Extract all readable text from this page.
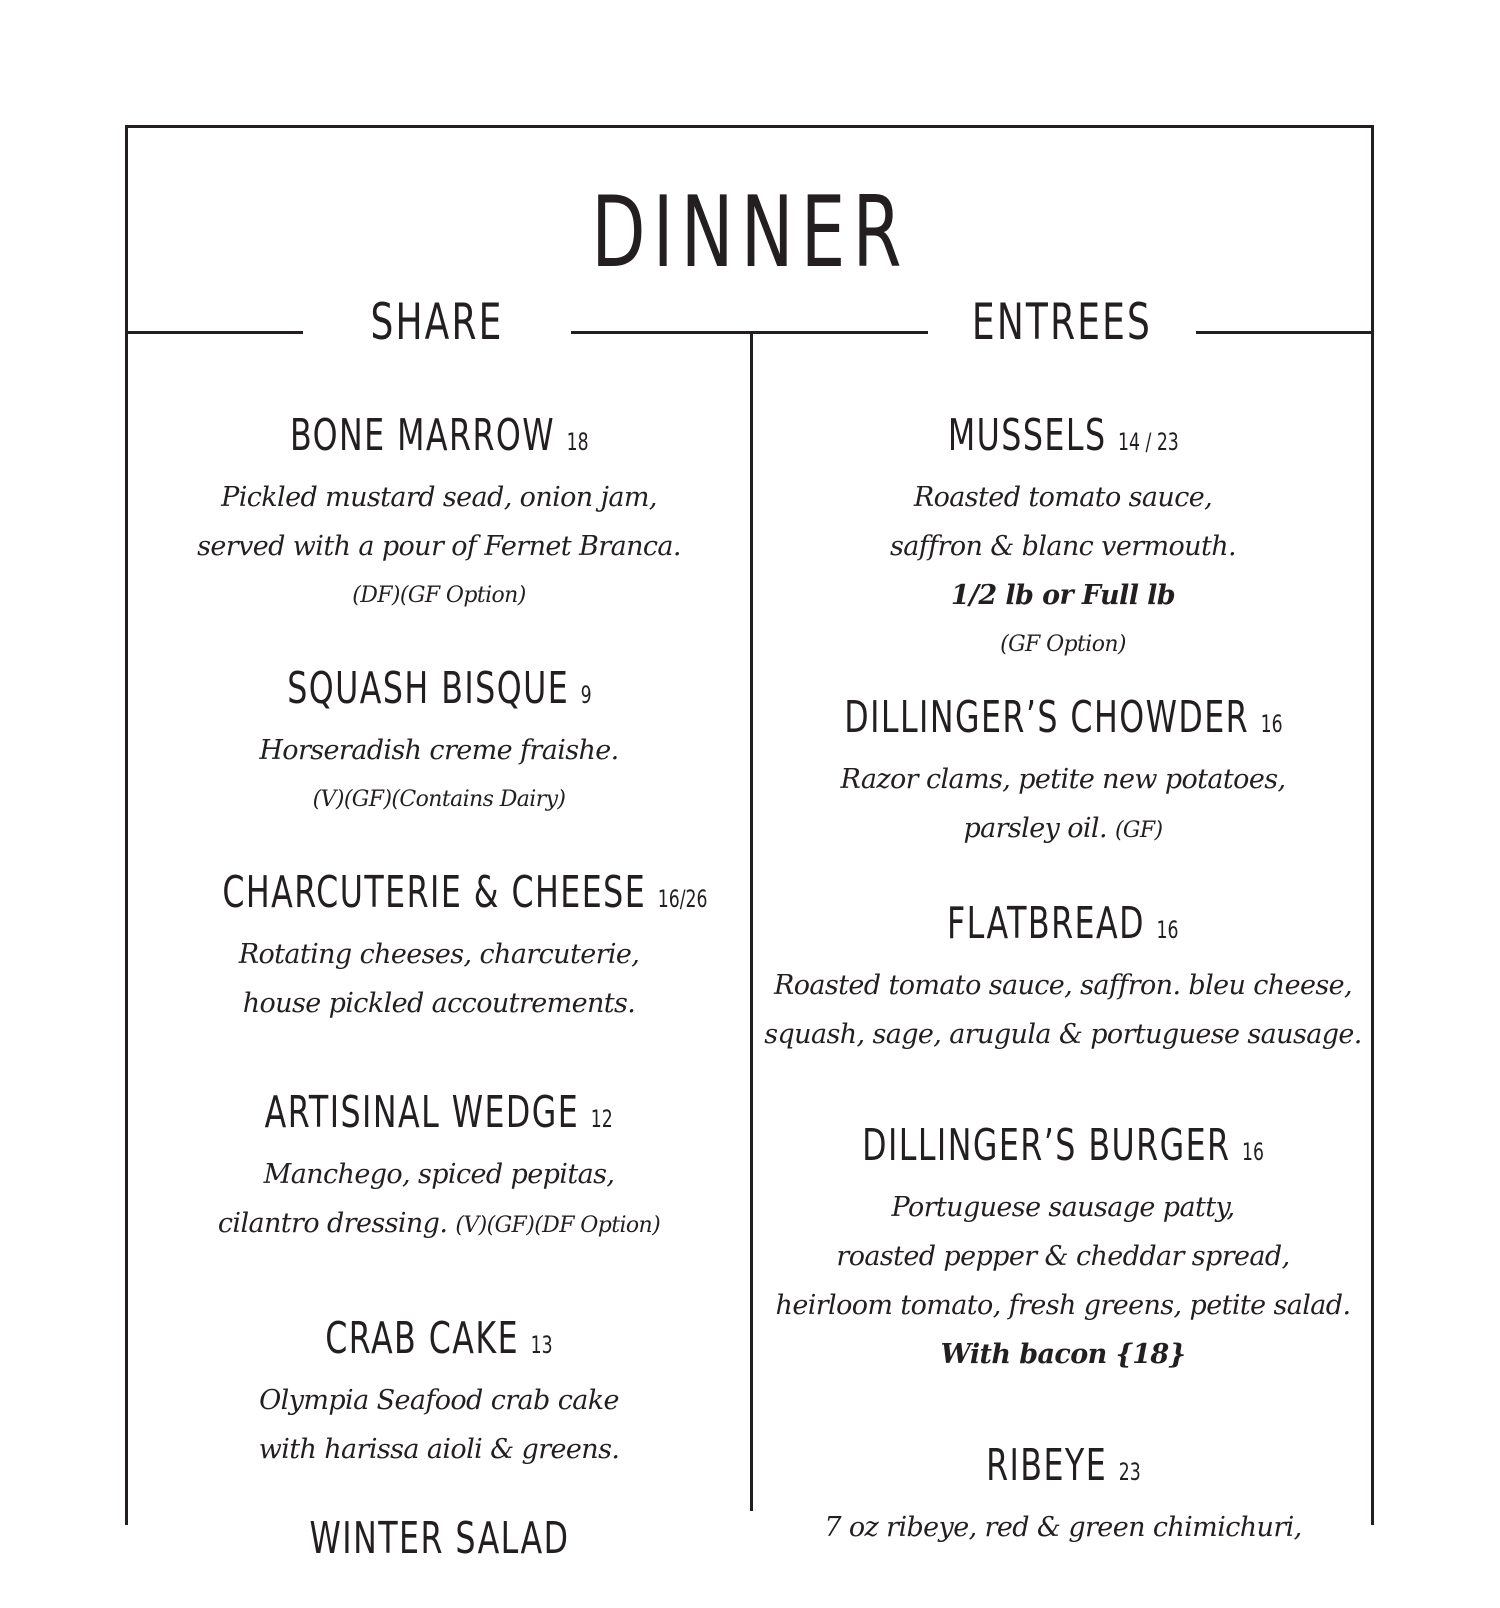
DINNER
SHARE	ENTREES
BONE MARROW 18
Pickled mustard sead, onion jam,
served with a pour of Fernet Branca.
(DF)(GF Option)
SQUASH BISQUE 9
Horseradish creme fraishe.
(V)(GF)(Contains Dairy)
CHARCUTERIE & CHEESE 16/26
Rotating cheeses, charcuterie,
house pickled accoutrements.
ARTISINAL WEDGE 12
Manchego, spiced pepitas,
cilantro dressing. (V)(GF)(DF Option)
CRAB CAKE 13
Olympia Seafood crab cake
with harissa aioli & greens.
WINTER SALAD
MUSSELS 14 / 23
Roasted tomato sauce,
saffron & blanc vermouth.
1/2 lb or Full lb
(GF Option)
DILLINGER’S CHOWDER 16
Razor clams, petite new potatoes,
parsley oil. (GF)
FLATBREAD 16
Roasted tomato sauce, saffron. bleu cheese,
squash, sage, arugula & portuguese sausage.
DILLINGER’S BURGER 16
Portuguese sausage patty,
roasted pepper & cheddar spread,
heirloom tomato, fresh greens, petite salad.
With bacon {18}
RIBEYE 23
7 oz ribeye, red & green chimichuri,
